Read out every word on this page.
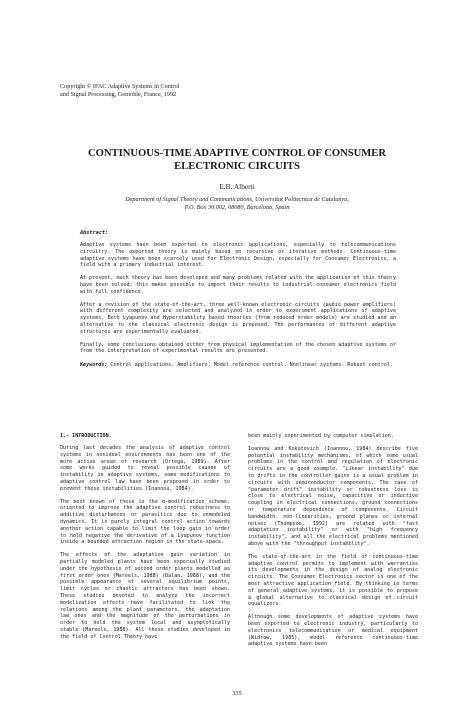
Copyright © IFAC Adaptive Systems in Control
and Signal Processing, Grenoble, France, 1992
CONTINUOUS-TIME ADAPTIVE CONTROL OF CONSUMER
ELECTRONIC CIRCUITS
E.B. Alberti
Department of Signal Theory and Communications, Universitat Politecnica de Catalunya,
P.O. Box 30.002, 08080, Barcelona, Spain
Abstract:

Adaptive systems have been exported to electronic applications, especially to telecommunications circuitry. The exported theory is mainly based on recursive or iterative methods. Continuous-time adaptive systems have been scarcely used for Electronic Design, especially for Consumer Electronics, a field with a primary industrial interest.

At present, much theory has been developed and many problems related with the application of this theory have been solved; this makes possible to import their results to industrial consumer electronics field with full confidence.

After a revision of the state-of-the-art, three well-known electronic circuits (audio power amplifiers) with different complexity are selected and analyzed in order to experiment applications of adaptive systems. Both Lyapunov and Hyperstability based theories (from reduced order models) are studied and an alternative to the classical electronic design is proposed. The performances of different adaptive structures are experimentally evaluated.

Finally, some conclusions obtained either from physical implementation of the chosen adaptive systems or from the interpretation of experimental results are presented.

Keywords: Control applications. Amplifiers. Model reference control. Nonlinear systems. Robust control.
1.- INTRODUCTION.

During last decades the analysis of adaptive control systems in nonideal environments has been one of the more active areas of research (Ortega, 1989). After some works guided to reveal possible causes of instability in adaptive systems, some modifications to adaptive control law have been proposed in order to prevent these instabilities (Ioannou, 1984).

The best known of these is the σ-modification scheme, oriented to improve the adaptive control robustness to additive disturbances or parasitics due to unmodeled dynamics. It is purely integral control action towards another action capable to limit the loop gain in order to hold negative the derivative of a Lyapunov function inside a bounded attraction region in the state-space.

The effects of the adaptation gain variation in partially modeled plants have been especially studied under the hypothesis of second order plants modelled as first order ones (Mareels, 1988) (Dalan, 1988), and the possible appearance of several equilibrium points, limit cycles or chaotic attractors has been shown. These studies devoted to analyze the incorrect modelization effects have facilitated to link the relations among the plant parameters, the adaptation law ones and the magnitude of the perturbations in order to hold the system local and asymptotically stable (Mareels, 1988). All these studies developed in the field of Control Theory have

been mainly experimented by computer simulation.

Ioannou and Kokotovich (Ioannou, 1984) describe five potential instability mechanisms, of which some usual problems in the control and regulation of electronic circuits are a good example. "Linear instability" due to drifts in the controller gains is a usual problem in circuits with semiconductor components. The case of "parameter drift" instability or robustness loss is close to electrical noise, capacitive or inductive coupling in electrical connections, ground connections or temperature dependence of components. Circuit bandwidth, non-linearities, ground planes or internal noises (Thompson, 1992) are related with "fast adaptation instability" or with "high frequency instability", and all the electrical problems mentioned above with the "throughput instability".

The state-of-the-art in the field of continuous-time adaptive control permits to implement with warranties its developments in the design of analog electronic circuits. The Consumer Electronics sector is one of the most attractive application field. By thinking in terms of general adaptive systems, it is possible to propose a global alternative to classical design of circuit equalizers.

Although some developments of adaptive systems have been exported to electronic industry, particularly to electronics telecommunication or medical equipment (Widrow, 1985), model reference continuous-time adaptive systems have been

335
